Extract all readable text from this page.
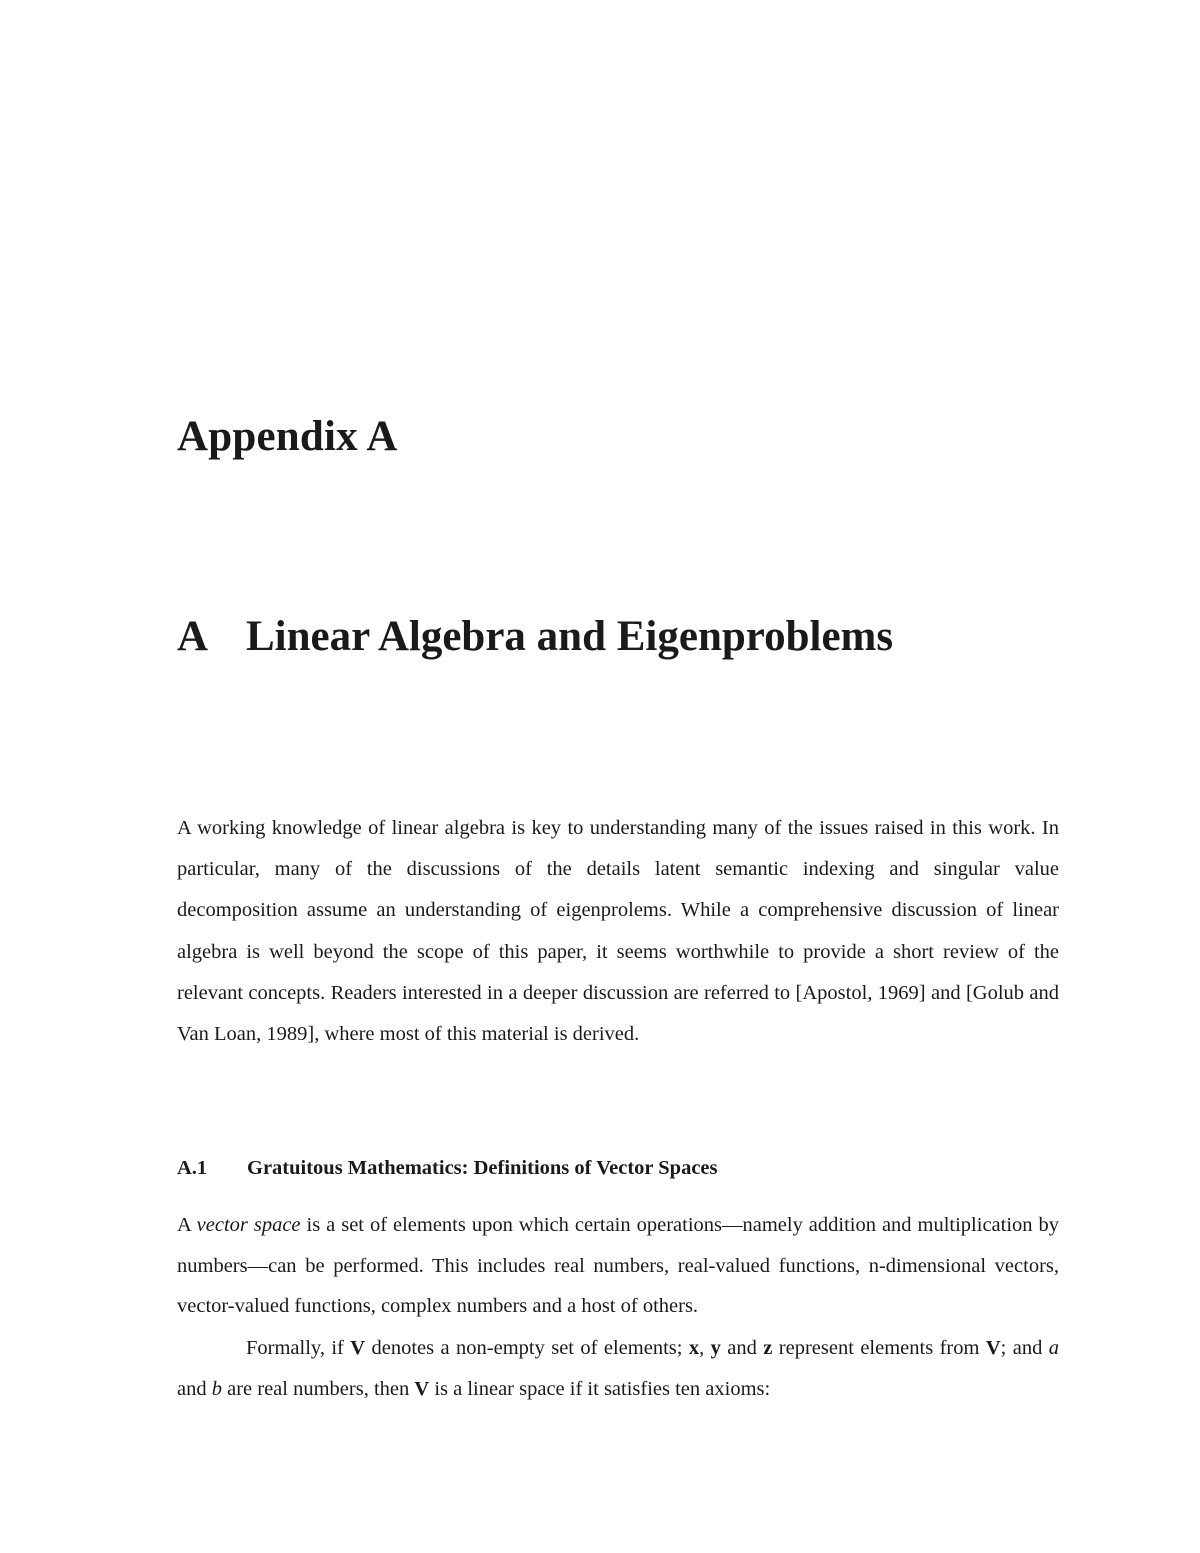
Appendix A
A Linear Algebra and Eigenproblems

A working knowledge of linear algebra is key to understanding many of the issues raised in this work. In particular, many of the discussions of the details latent semantic indexing and singular value decomposition assume an understanding of eigenprolems. While a comprehensive discussion of linear algebra is well beyond the scope of this paper, it seems worthwhile to provide a short review of the relevant concepts. Readers interested in a deeper discussion are referred to [Apostol, 1969] and [Golub and Van Loan, 1989], where most of this material is derived.

A.1 Gratuitous Mathematics: Definitions of Vector Spaces

A vector space is a set of elements upon which certain operations—namely addition and multiplication by numbers—can be performed. This includes real numbers, real-valued functions, n-dimensional vectors, vector-valued functions, complex numbers and a host of others.

Formally, if V denotes a non-empty set of elements; x, y and z represent elements from V; and a and b are real numbers, then V is a linear space if it satisfies ten axioms:
